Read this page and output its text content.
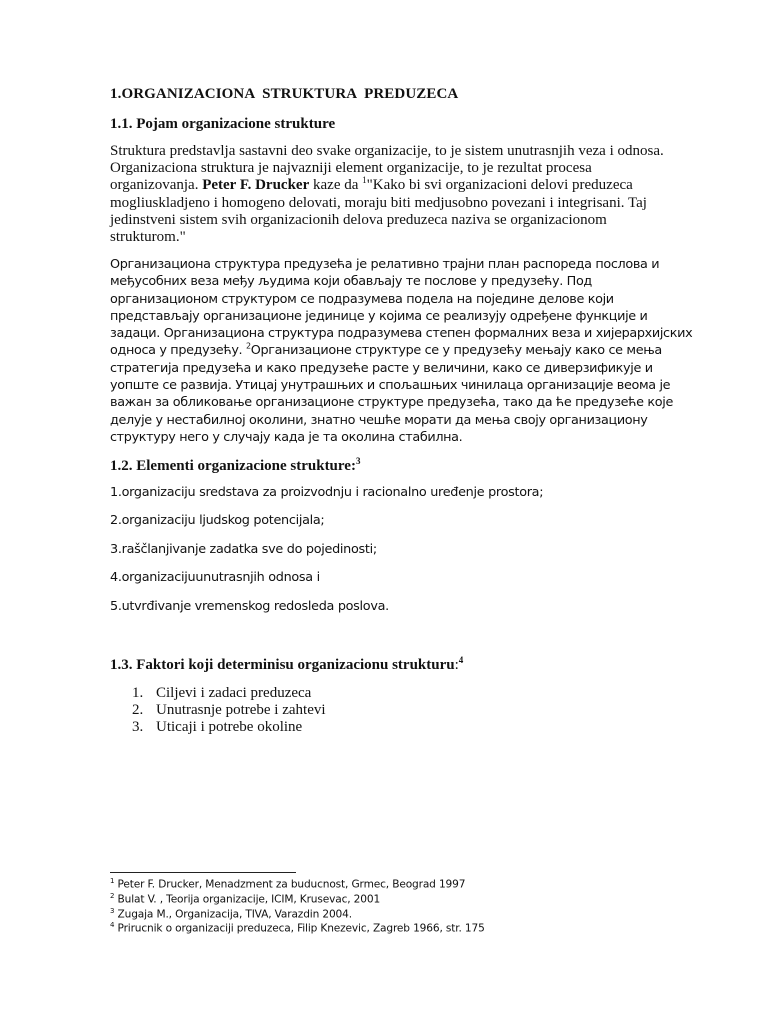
1.ORGANIZACIONA  STRUKTURA  PREDUZECA
1.1. Pojam organizacione strukture
Struktura predstavlja sastavni deo svake organizacije, to je sistem unutrasnjih veza i odnosa.
Organizaciona struktura je najvazniji element organizacije, to je rezultat procesa
organizovanja. Peter F. Drucker kaze da $^1$"Kako bi svi organizacioni delovi preduzeca
mogliuskladjeno i homogeno delovati, moraju biti medjusobno povezani i integrisani. Taj
jedinstveni sistem svih organizacionih delova preduzeca naziva se organizacionom
strukturom."
Организациона структура предузећа је релативно трајни план распореда послова и
међусобних веза међу људима који обављају те послове у предузећу. Под
организационом структуром се подразумева подела на поједине делове који
представљају организационе јединице у којима се реализују одређене функције и
задаци. Организациона структура подразумева степен формалних веза и хијерархијских
односа у предузећу. $^2$Организационе структуре се у предузећу мењају како се мења
стратегија предузећа и како предузеће расте у величини, како се диверзификује и
уопште се развија. Утицај унутрашњих и спољашњих чинилаца организације веома је
важан за обликовање организационе структуре предузећа, тако да ће предузеће које
делује у нестабилној околини, знатно чешће морати да мења своју организациону
структуру него у случају када је та околина стабилна.
1.2. Elementi organizacione strukture:$^3$
1.organizaciju sredstava za proizvodnju i racionalno uređenje prostora;
2.organizaciju ljudskog potencijala;
3.raščlanjivanje zadatka sve do pojedinosti;
4.organizacijuunutrasnjih odnosa i
5.utvrđivanje vremenskog redosleda poslova.
1.3. Faktori koji determinisu organizacionu strukturu:$^4$
1. Ciljevi i zadaci preduzeca
2. Unutrasnje potrebe i zahtevi
3. Uticaji i potrebe okoline
$^1$ Peter F. Drucker, Menadzment za buducnost, Grmec, Beograd 1997
$^2$ Bulat V. , Teorija organizacije, ICIM, Krusevac, 2001
$^3$ Zugaja M., Organizacija, TIVA, Varazdin 2004.
$^4$ Prirucnik o organizaciji preduzeca, Filip Knezevic, Zagreb 1966, str. 175
